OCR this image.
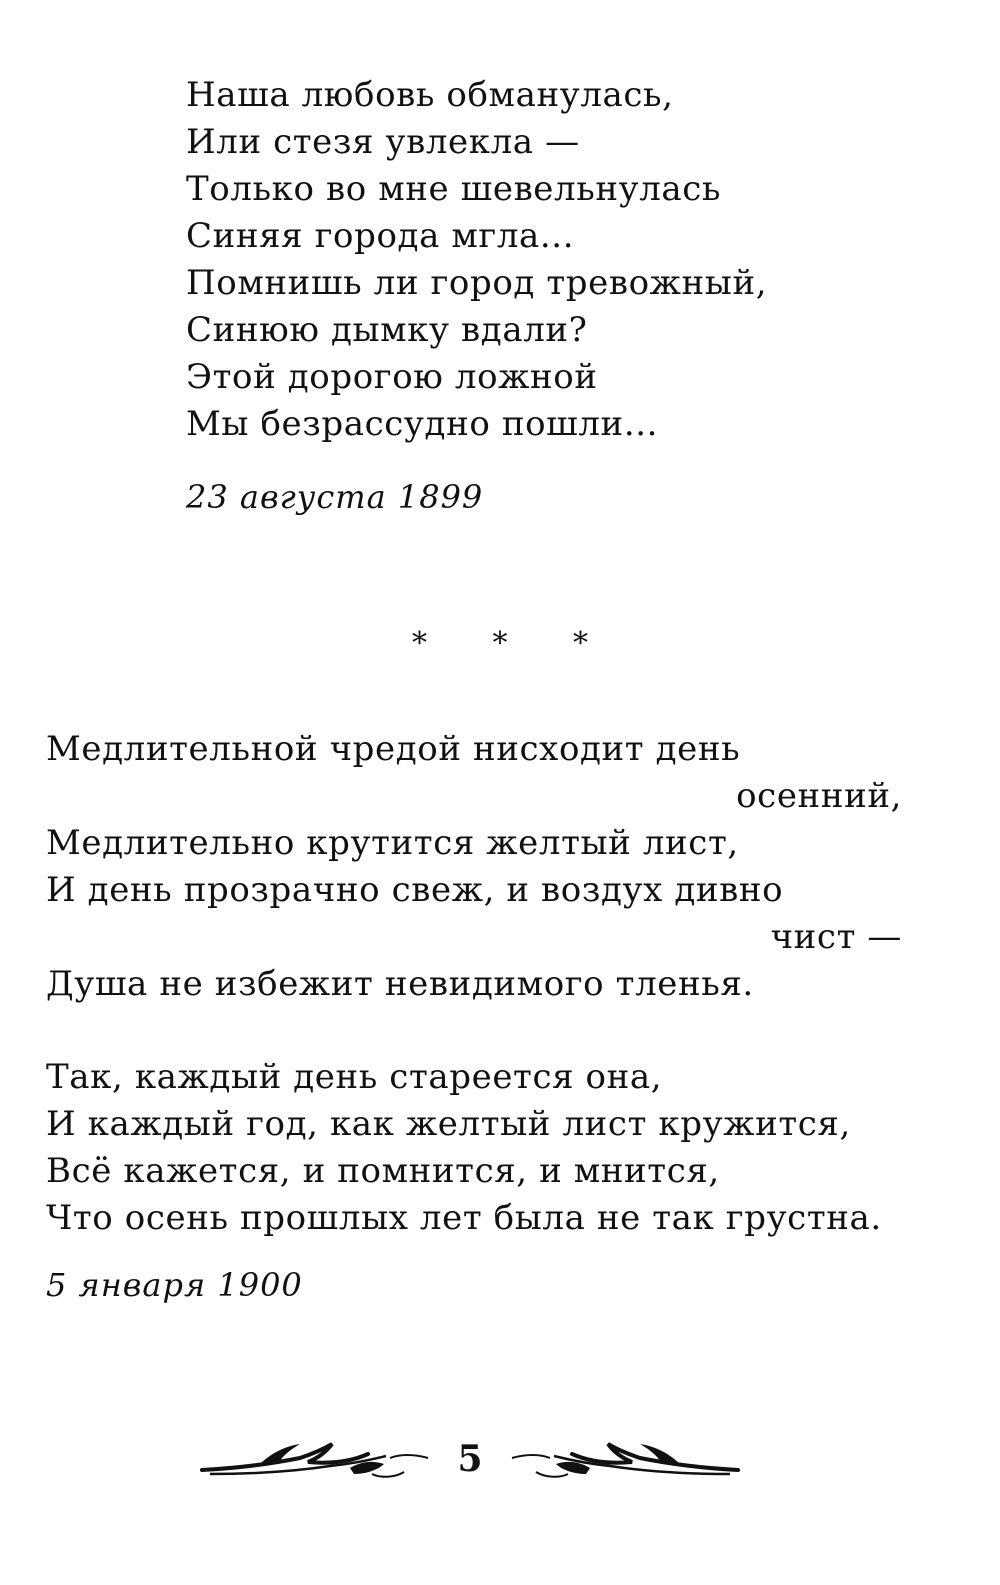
Наша любовь обманулась,
Или стезя увлекла —
Только во мне шевельнулась
Синяя города мгла...
Помнишь ли город тревожный,
Синюю дымку вдали?
Этой дорогою ложной
Мы безрассудно пошли...
23 августа 1899
* * *
Медлительной чредой нисходит день
осенний,
Медлительно крутится желтый лист,
И день прозрачно свеж, и воздух дивно
чист —
Душа не избежит невидимого тленья.
Так, каждый день стареется она,
И каждый год, как желтый лист кружится,
Всё кажется, и помнится, и мнится,
Что осень прошлых лет была не так грустна.
5 января 1900
5
